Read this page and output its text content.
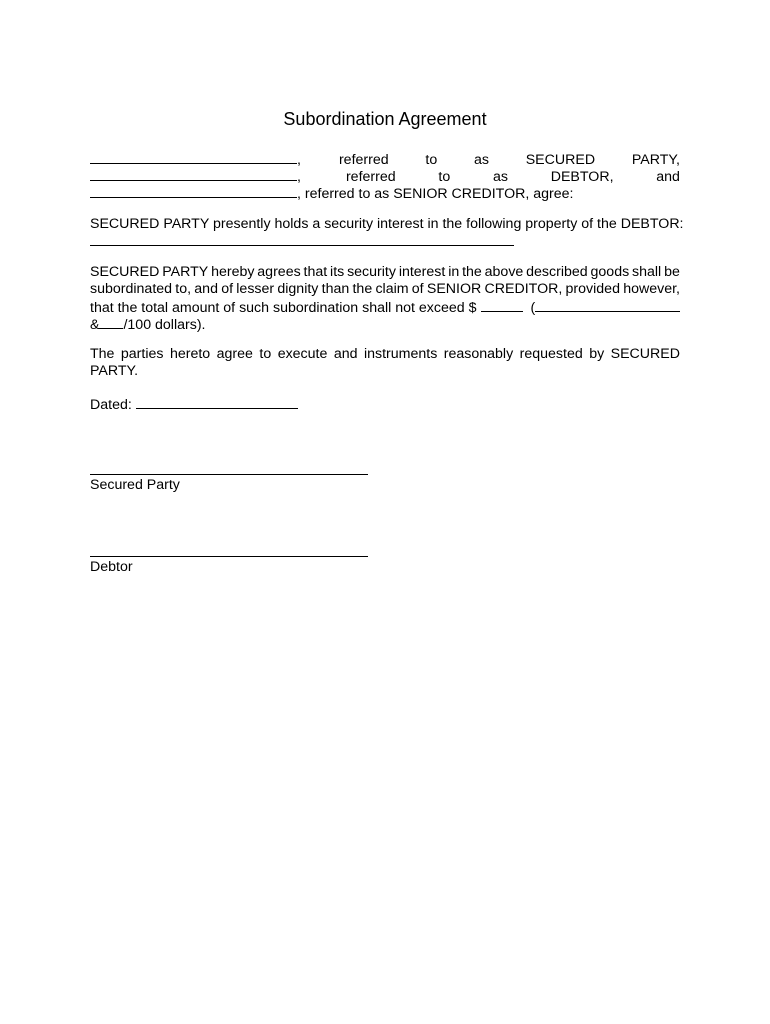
Subordination Agreement
,	referred	to	as	SECURED	PARTY,
,	referred	to	as	DEBTOR,	and
, referred to as SENIOR CREDITOR, agree:
SECURED PARTY presently holds a security interest in the following property of the DEBTOR:
SECURED PARTY hereby agrees that its security interest in the above described goods shall be
subordinated to, and of lesser dignity than the claim of SENIOR CREDITOR, provided however,
that the total amount of such subordination shall not exceed $	(
& /100 dollars).
The parties hereto agree to execute and instruments reasonably requested by SECURED
PARTY.
Dated:
Secured Party
Debtor
